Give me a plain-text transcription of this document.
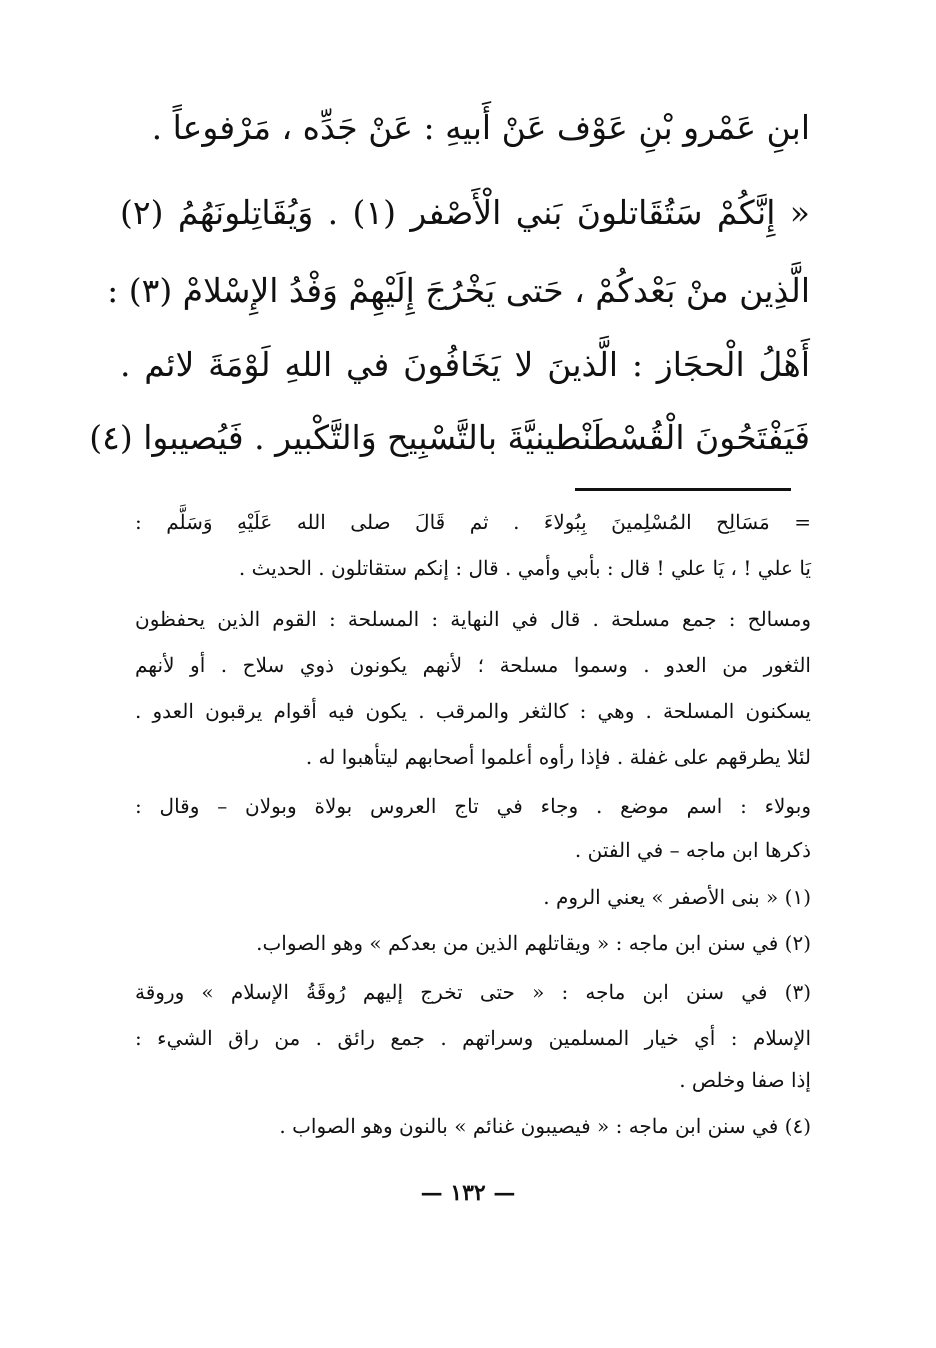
ابنِ عَمْرو بْنِ عَوْف عَنْ أَبيهِ : عَنْ جَدِّه ، مَرْفوعاً .
« إِنَّكُمْ سَتُقَاتلونَ بَني الْأَصْفر (١) . وَيُقَاتِلونَهُمُ (٢)
الَّذِين منْ بَعْدكُمْ ، حَتى يَخْرُجَ إِلَيْهِمْ وَفْدُ الإِسْلامْ (٣) :
أَهْلُ الْحجَاز : الَّذينَ لا يَخَافُونَ في اللهِ لَوْمَةَ لائم .
فَيَفْتَحُونَ الْقُسْطَنْطينيَّةَ بالتَّسْبِيح وَالتَّكْبير . فَيُصيبوا (٤)
= مَسَالِح المُسْلِمينَ بِبُولاءَ . ثم قَالَ صلى الله عَلَيْهِ وَسَلَّم :
يَا علي ! ، يَا علي ! قال : بأبي وأمي . قال : إنكم ستقاتلون . الحديث .
ومسالح : جمع مسلحة . قال في النهاية : المسلحة : القوم الذين يحفظون
الثغور من العدو . وسموا مسلحة ؛ لأنهم يكونون ذوي سلاح . أو لأنهم
يسكنون المسلحة . وهي : كالثغر والمرقب . يكون فيه أقوام يرقبون العدو .
لئلا يطرقهم على غفلة . فإذا رأوه أعلموا أصحابهم ليتأهبوا له .
وبولاء : اسم موضع . وجاء في تاج العروس بولاة وبولان – وقال :
ذكرها ابن ماجه – في الفتن .
(١) « بنى الأصفر » يعني الروم .
(٢) في سنن ابن ماجه : « ويقاتلهم الذين من بعدكم » وهو الصواب.
(٣) في سنن ابن ماجه : « حتى تخرج إليهم رُوقَةُ الإسلام » وروقة
الإسلام : أي خيار المسلمين وسراتهم . جمع رائق . من راق الشيء :
إذا صفا وخلص .
(٤) في سنن ابن ماجه : « فيصيبون غنائم » بالنون وهو الصواب .
— ١٣٢ —
